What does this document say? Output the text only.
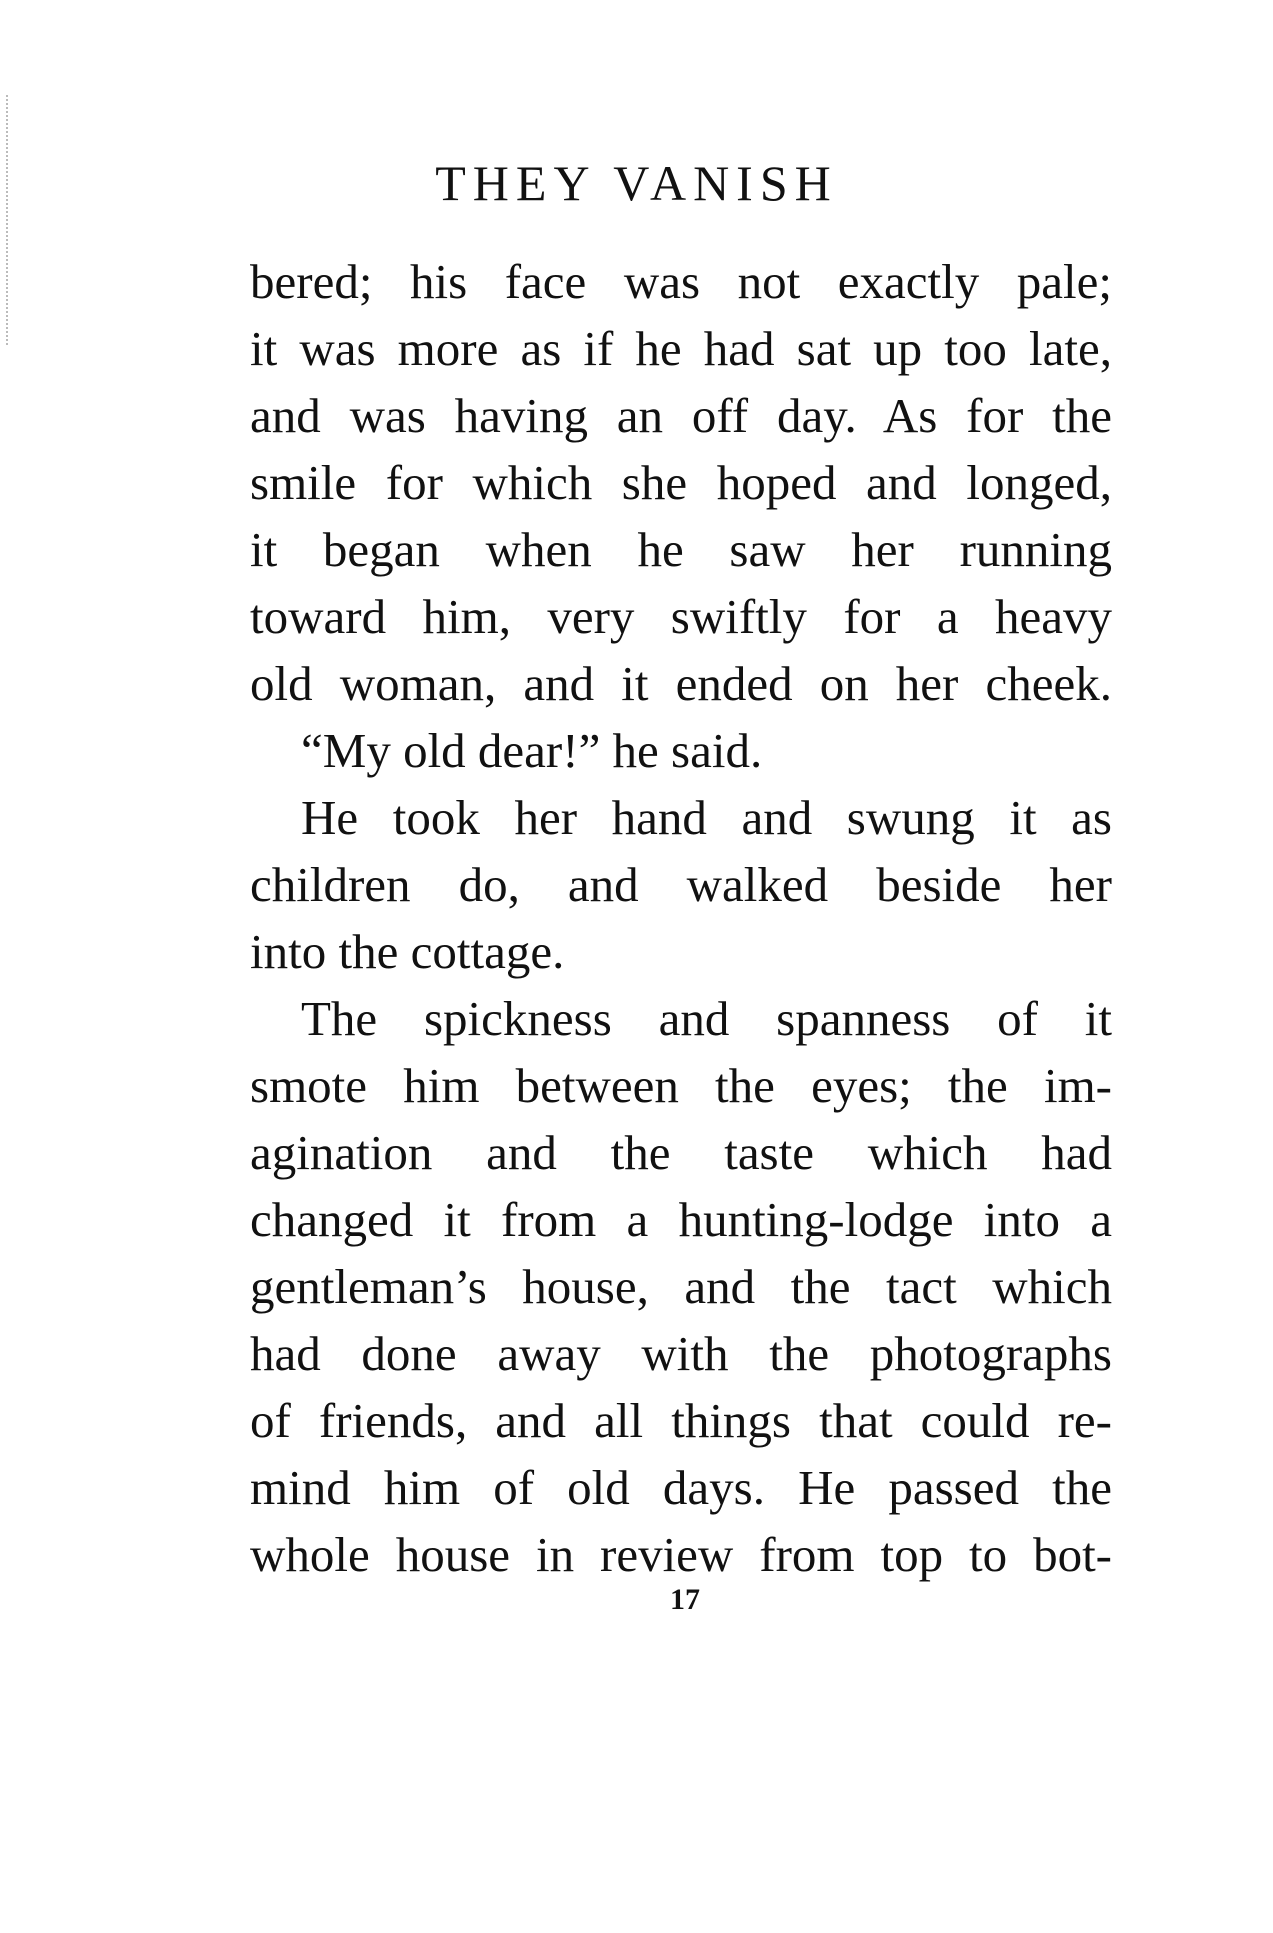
THEY VANISH
bered; his face was not exactly pale;
it was more as if he had sat up too late,
and was having an off day. As for the
smile for which she hoped and longed,
it began when he saw her running
toward him, very swiftly for a heavy
old woman, and it ended on her cheek.
“My old dear!” he said.
He took her hand and swung it as
children do, and walked beside her
into the cottage.
The spickness and spanness of it
smote him between the eyes; the im-
agination and the taste which had
changed it from a hunting-lodge into a
gentleman’s house, and the tact which
had done away with the photographs
of friends, and all things that could re-
mind him of old days. He passed the
whole house in review from top to bot-
17
